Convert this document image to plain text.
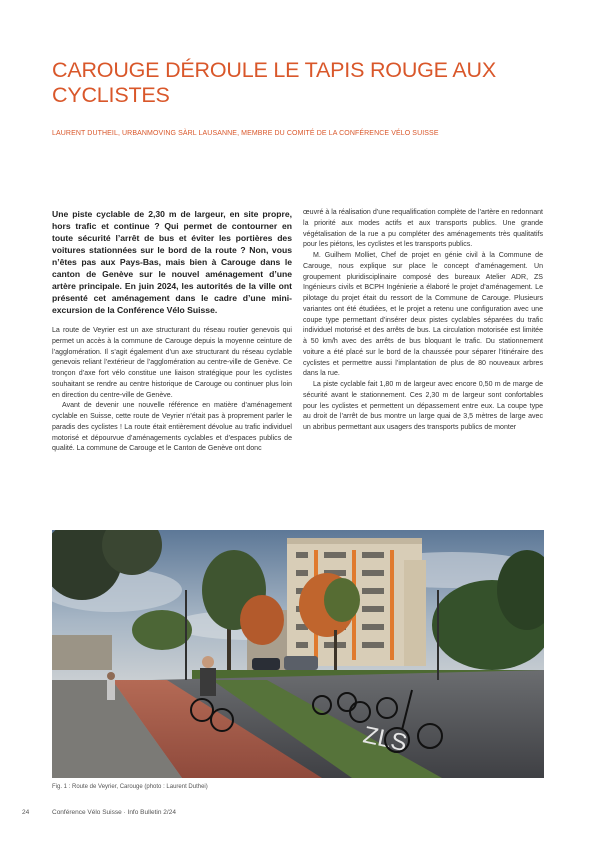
CAROUGE DÉROULE LE TAPIS ROUGE AUX CYCLISTES
LAURENT DUTHEIL, URBANMOVING SÀRL LAUSANNE, MEMBRE DU COMITÉ DE LA CONFÉRENCE VÉLO SUISSE

Une piste cyclable de 2,30 m de largeur, en site propre, hors trafic et continue ? Qui permet de contourner en toute sécurité l’arrêt de bus et éviter les portières des voitures stationnées sur le bord de la route ? Non, vous n’êtes pas aux Pays-Bas, mais bien à Carouge dans le canton de Genève sur le nouvel aménagement d’une artère principale. En juin 2024, les autorités de la ville ont présenté cet aménagement dans le cadre d’une mini-excursion de la Conférence Vélo Suisse.

La route de Veyrier est un axe structurant du réseau routier genevois qui permet un accès à la commune de Carouge depuis la moyenne ceinture de l’agglomération. Il s’agit également d’un axe structurant du réseau cyclable genevois reliant l’extérieur de l’agglomération au centre-ville de Genève. Ce tronçon d’axe fort vélo constitue une liaison stratégique pour les cyclistes souhaitant se rendre au centre historique de Carouge ou continuer plus loin en direction du centre-ville de Genève.

Avant de devenir une nouvelle référence en matière d’aménagement cyclable en Suisse, cette route de Veyrier n’était pas à proprement parler le paradis des cyclistes ! La route était entièrement dévolue au trafic individuel motorisé et dépourvue d’aménagements cyclables et d’espaces publics de qualité. La commune de Carouge et le Canton de Genève ont donc

œuvré à la réalisation d’une requalification complète de l’artère en redonnant la priorité aux modes actifs et aux transports publics. Une grande végétalisation de la rue a pu compléter des aménagements très qualitatifs pour les piétons, les cyclistes et les transports publics.

M. Guilhem Molliet, Chef de projet en génie civil à la Commune de Carouge, nous explique sur place le concept d’aménagement. Un groupement pluridisciplinaire composé des bureaux Atelier ADR, ZS Ingénieurs civils et BCPH Ingénierie a élaboré le projet d’aménagement. Le pilotage du projet était du ressort de la Commune de Carouge. Plusieurs variantes ont été étudiées, et le projet a retenu une configuration avec une coupe type permettant d’insérer deux pistes cyclables séparées du trafic individuel motorisé et des arrêts de bus. La circulation motorisée est limitée à 50 km/h avec des arrêts de bus bloquant le trafic. Du stationnement voiture a été placé sur le bord de la chaussée pour séparer l’itinéraire des cyclistes et permettre aussi l’implantation de plus de 80 nouveaux arbres dans la rue.

La piste cyclable fait 1,80 m de largeur avec encore 0,50 m de marge de sécurité avant le stationnement. Ces 2,30 m de largeur sont confortables pour les cyclistes et permettent un dépassement entre eux. La coupe type au droit de l’arrêt de bus montre un large quai de 3,5 mètres de large avec un abribus permettant aux usagers des transports publics de monter

ZLS
Fig. 1 : Route de Veyrier, Carouge (photo : Laurent Duthei)
24	Conférence Vélo Suisse · Info Bulletin 2/24
